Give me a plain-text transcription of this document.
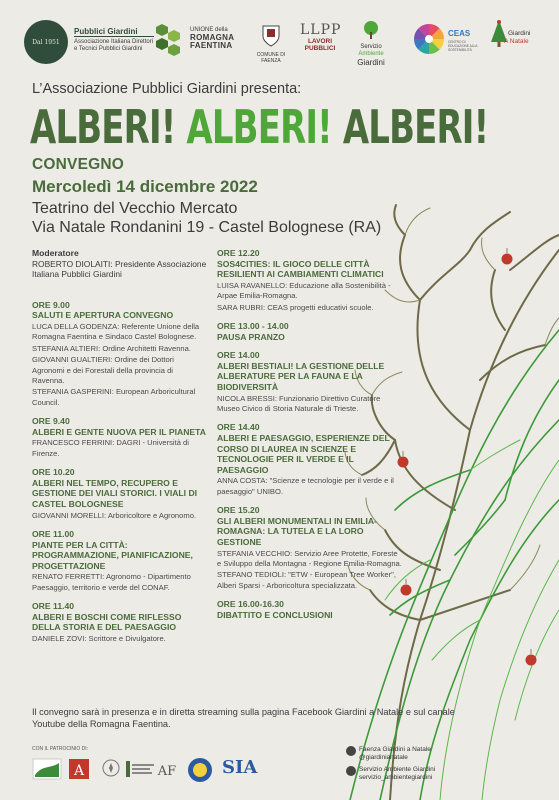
Dal 1951
Pubblici Giardini
Associazione Italiana Direttori e Tecnici Pubblici Giardini
UNIONE della
ROMAGNA
FAENTINA
COMUNE DI FAENZA
LLPP
LAVORI
PUBBLICI	Servizio
Ambiente
Giardini
CEAS
CENTRO DI EDUCAZIONE ALLA SOSTENIBILITÀ
Giardini
A Natale
L’Associazione Pubblici Giardini presenta:
ALBERI! ALBERI! ALBERI!
CONVEGNO
Mercoledì 14 dicembre 2022
Teatrino del Vecchio Mercato
Via Natale Rondanini 19 - Castel Bolognese (RA)
Moderatore
ROBERTO DIOLAITI: Presidente Associazione Italiana Pubblici Giardini
ORE 9.00
SALUTI E APERTURA CONVEGNO
LUCA DELLA GODENZA: Referente Unione della Romagna Faentina e Sindaco Castel Bolognese.
STEFANIA ALTIERI: Ordine Architetti Ravenna.
GIOVANNI GUALTIERI: Ordine dei Dottori Agronomi e dei Forestali della provincia di Ravenna.
STEFANIA GASPERINI: European Arboricultural Council.
ORE 9.40
ALBERI E GENTE NUOVA PER IL PIANETA
FRANCESCO FERRINI: DAGRI - Università di Firenze.
ORE 10.20
ALBERI NEL TEMPO, RECUPERO E GESTIONE DEI VIALI STORICI. I VIALI DI CASTEL BOLOGNESE
GIOVANNI MORELLI: Arboricoltore e Agronomo.
ORE 11.00
PIANTE PER LA CITTÀ: PROGRAMMAZIONE, PIANIFICAZIONE, PROGETTAZIONE
RENATO FERRETTI: Agronomo - Dipartimento Paesaggio, territorio e verde del CONAF.
ORE 11.40
ALBERI E BOSCHI COME RIFLESSO DELLA STORIA E DEL PAESAGGIO
DANIELE ZOVI: Scrittore e Divulgatore.
ORE 12.20
SOS4CITIES: IL GIOCO DELLE CITTÀ RESILIENTI AI CAMBIAMENTI CLIMATICI
LUISA RAVANELLO: Educazione alla Sostenibilità - Arpae Emilia-Romagna.
SARA RUBRI: CEAS progetti educativi scuole.
ORE 13.00 - 14.00
PAUSA PRANZO
ORE 14.00
ALBERI BESTIALI! LA GESTIONE DELLE ALBERATURE PER LA FAUNA E LA BIODIVERSITÀ
NICOLA BRESSI: Funzionario Direttivo Curatore Museo Civico di Storia Naturale di Trieste.
ORE 14.40
ALBERI E PAESAGGIO, ESPERIENZE DEL CORSO DI LAUREA IN SCIENZE E TECNOLOGIE PER IL VERDE E IL PAESAGGIO
ANNA COSTA: "Scienze e tecnologie per il verde e il paesaggio" UNIBO.
ORE 15.20
GLI ALBERI MONUMENTALI IN EMILIA-ROMAGNA: LA TUTELA E LA LORO GESTIONE
STEFANIA VECCHIO: Servizio Aree Protette, Foreste e Sviluppo della Montagna - Regione Emilia-Romagna.
STEFANO TEDIOLI: "ETW - European Tree Worker", Alberi Sparsi - Arboricoltura specializzata.
ORE 16.00-16.30
DIBATTITO E CONCLUSIONI
Il convegno sarà in presenza e in diretta streaming sulla pagina Facebook Giardini a Natale e sul canale Youtube della Romagna Faentina.
CON IL PATROCINIO DI:
A	AF	SIA
Faenza Giardini a Natale
@giardinianatale
Servizio Ambiente Giardini
servizio_ambientegiardini
